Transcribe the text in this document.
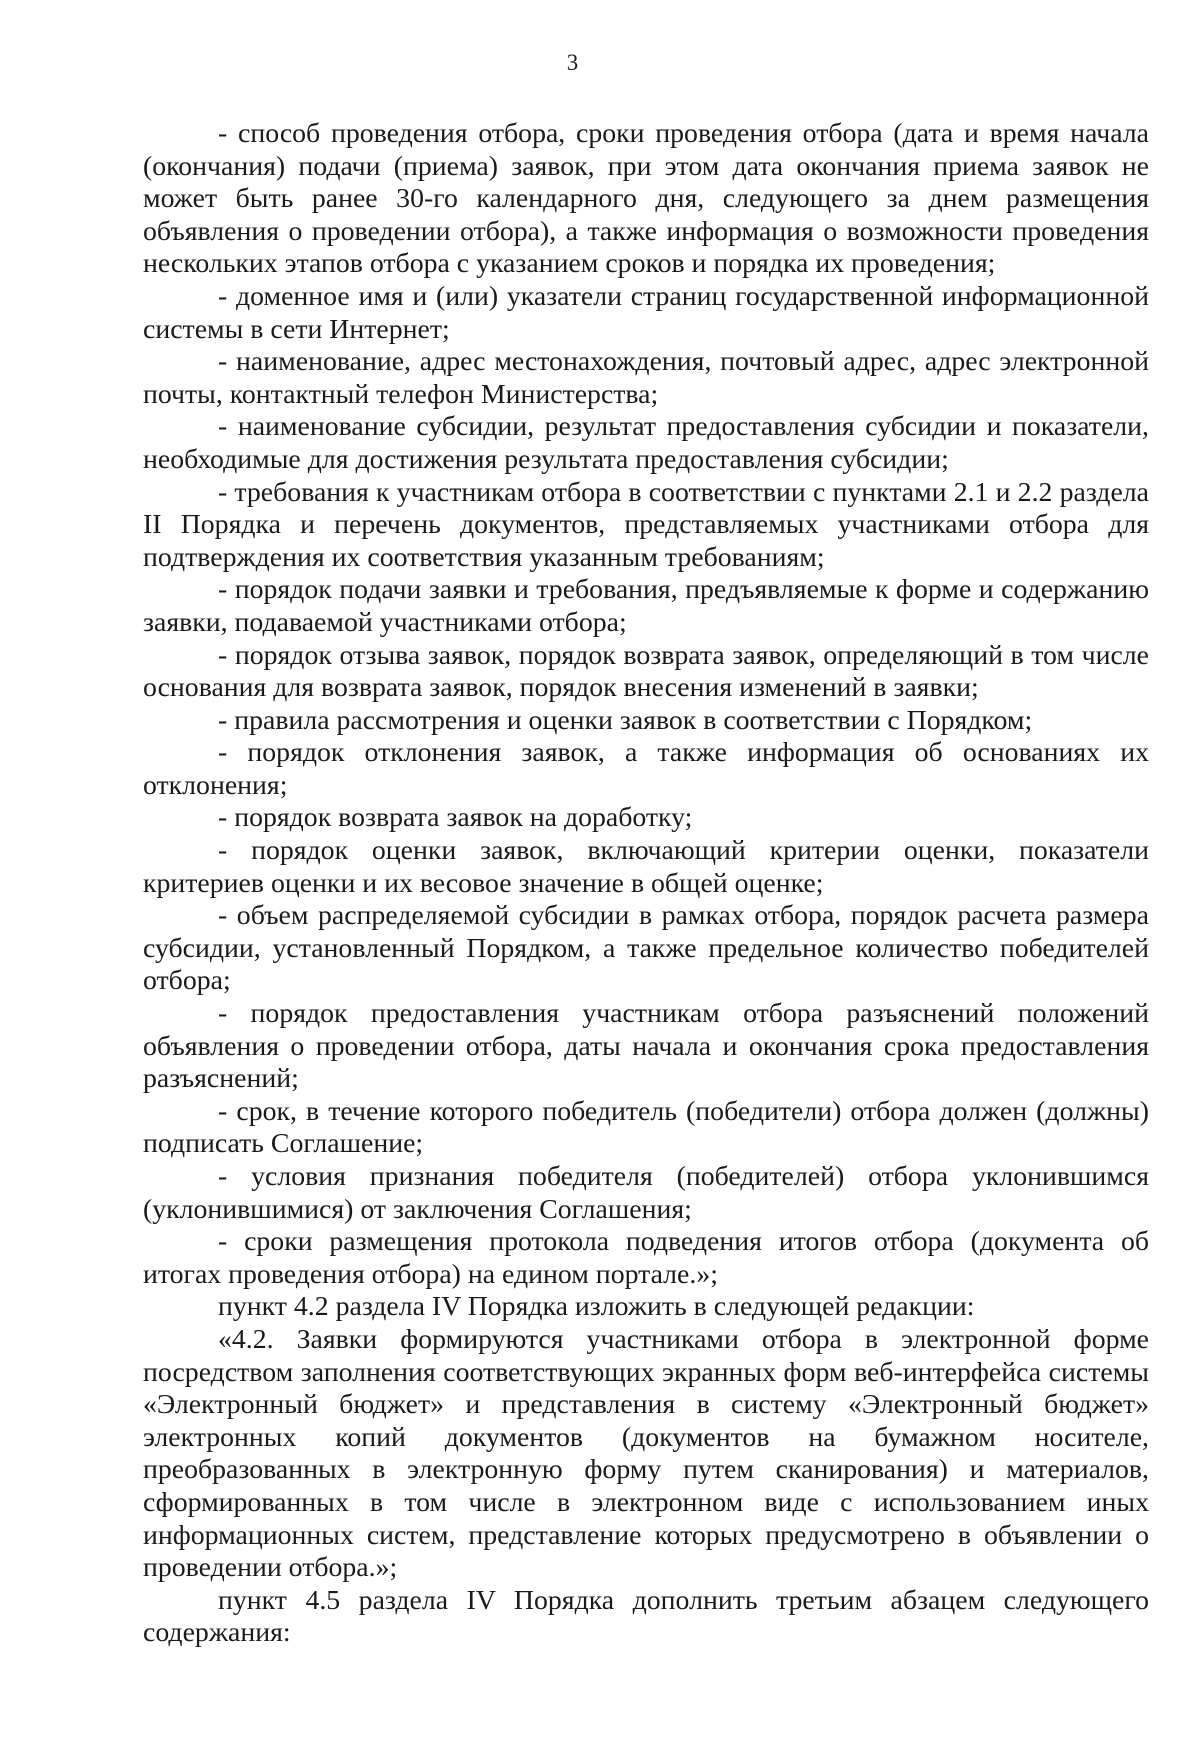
3

- способ проведения отбора, сроки проведения отбора (дата и время начала (окончания) подачи (приема) заявок, при этом дата окончания приема заявок не может быть ранее 30-го календарного дня, следующего за днем размещения объявления о проведении отбора), а также информация о возможности проведения нескольких этапов отбора с указанием сроков и порядка их проведения;

- доменное имя и (или) указатели страниц государственной информационной системы в сети Интернет;

- наименование, адрес местонахождения, почтовый адрес, адрес электронной почты, контактный телефон Министерства;

- наименование субсидии, результат предоставления субсидии и показатели, необходимые для достижения результата предоставления субсидии;

- требования к участникам отбора в соответствии с пунктами 2.1 и 2.2 раздела II Порядка и перечень документов, представляемых участниками отбора для подтверждения их соответствия указанным требованиям;

- порядок подачи заявки и требования, предъявляемые к форме и содержанию заявки, подаваемой участниками отбора;

- порядок отзыва заявок, порядок возврата заявок, определяющий в том числе основания для возврата заявок, порядок внесения изменений в заявки;

- правила рассмотрения и оценки заявок в соответствии с Порядком;

- порядок отклонения заявок, а также информация об основаниях их отклонения;

- порядок возврата заявок на доработку;

- порядок оценки заявок, включающий критерии оценки, показатели критериев оценки и их весовое значение в общей оценке;

- объем распределяемой субсидии в рамках отбора, порядок расчета размера субсидии, установленный Порядком, а также предельное количество победителей отбора;

- порядок предоставления участникам отбора разъяснений положений объявления о проведении отбора, даты начала и окончания срока предоставления разъяснений;

- срок, в течение которого победитель (победители) отбора должен (должны) подписать Соглашение;

- условия признания победителя (победителей) отбора уклонившимся (уклонившимися) от заключения Соглашения;

- сроки размещения протокола подведения итогов отбора (документа об итогах проведения отбора) на едином портале.»;

пункт 4.2 раздела IV Порядка изложить в следующей редакции:

«4.2. Заявки формируются участниками отбора в электронной форме посредством заполнения соответствующих экранных форм веб-интерфейса системы «Электронный бюджет» и представления в систему «Электронный бюджет» электронных копий документов (документов на бумажном носителе, преобразованных в электронную форму путем сканирования) и материалов, сформированных в том числе в электронном виде с использованием иных информационных систем, представление которых предусмотрено в объявлении о проведении отбора.»;

пункт 4.5 раздела IV Порядка дополнить третьим абзацем следующего содержания:
